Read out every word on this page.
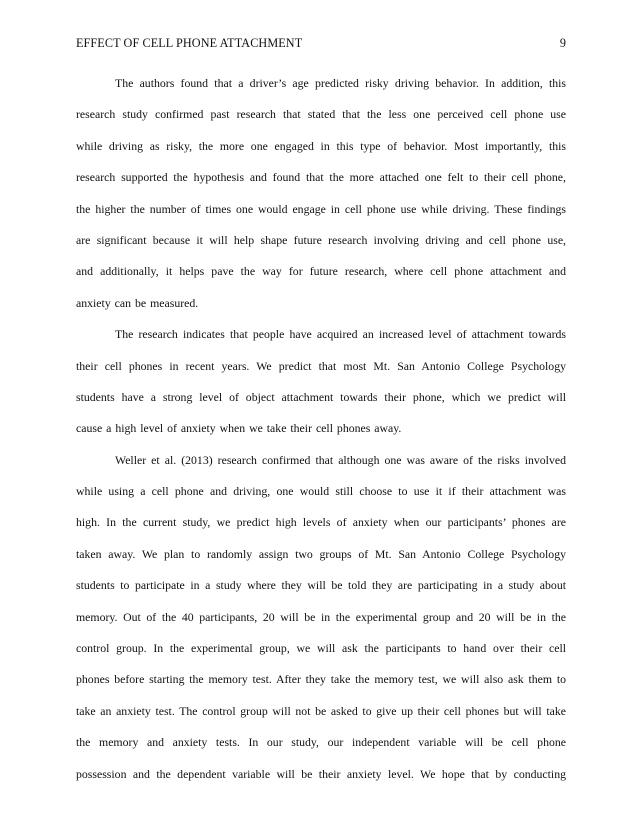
EFFECT OF CELL PHONE ATTACHMENT	9
The authors found that a driver’s age predicted risky driving behavior. In addition, this
research study confirmed past research that stated that the less one perceived cell phone use
while driving as risky, the more one engaged in this type of behavior. Most importantly, this
research supported the hypothesis and found that the more attached one felt to their cell phone,
the higher the number of times one would engage in cell phone use while driving. These findings
are significant because it will help shape future research involving driving and cell phone use,
and additionally, it helps pave the way for future research, where cell phone attachment and
anxiety can be measured.
The research indicates that people have acquired an increased level of attachment towards
their cell phones in recent years. We predict that most Mt. San Antonio College Psychology
students have a strong level of object attachment towards their phone, which we predict will
cause a high level of anxiety when we take their cell phones away.
Weller et al. (2013) research confirmed that although one was aware of the risks involved
while using a cell phone and driving, one would still choose to use it if their attachment was
high. In the current study, we predict high levels of anxiety when our participants’ phones are
taken away. We plan to randomly assign two groups of Mt. San Antonio College Psychology
students to participate in a study where they will be told they are participating in a study about
memory. Out of the 40 participants, 20 will be in the experimental group and 20 will be in the
control group. In the experimental group, we will ask the participants to hand over their cell
phones before starting the memory test. After they take the memory test, we will also ask them to
take an anxiety test. The control group will not be asked to give up their cell phones but will take
the memory and anxiety tests. In our study, our independent variable will be cell phone
possession and the dependent variable will be their anxiety level. We hope that by conducting
